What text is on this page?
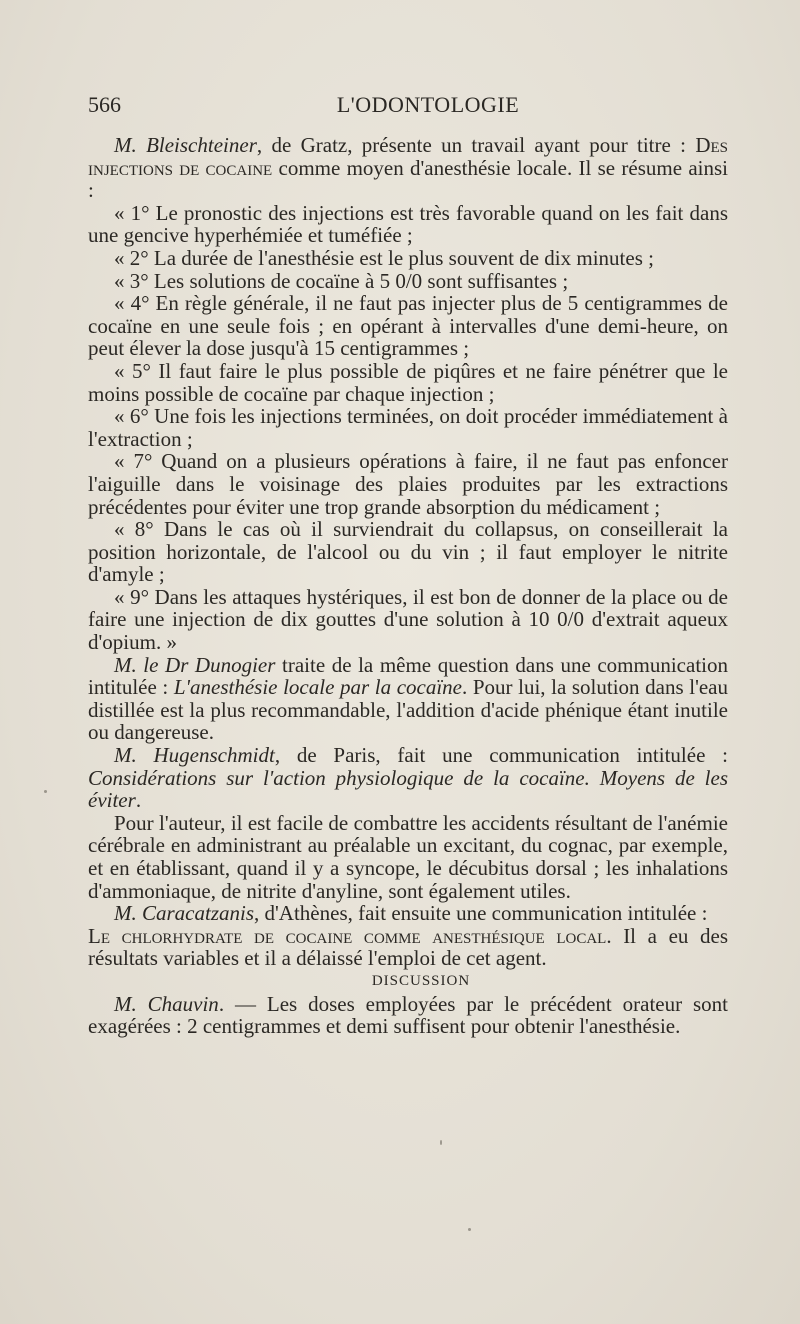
566	L'ODONTOLOGIE

M. Bleischteiner, de Gratz, présente un travail ayant pour titre : Des injections de cocaine comme moyen d'anesthésie locale. Il se résume ainsi :

« 1° Le pronostic des injections est très favorable quand on les fait dans une gencive hyperhémiée et tuméfiée ;

« 2° La durée de l'anesthésie est le plus souvent de dix minutes ;

« 3° Les solutions de cocaïne à 5 0/0 sont suffisantes ;

« 4° En règle générale, il ne faut pas injecter plus de 5 centigrammes de cocaïne en une seule fois ; en opérant à intervalles d'une demi-heure, on peut élever la dose jusqu'à 15 centigrammes ;

« 5° Il faut faire le plus possible de piqûres et ne faire pénétrer que le moins possible de cocaïne par chaque injection ;

« 6° Une fois les injections terminées, on doit procéder immédiatement à l'extraction ;

« 7° Quand on a plusieurs opérations à faire, il ne faut pas enfoncer l'aiguille dans le voisinage des plaies produites par les extractions précédentes pour éviter une trop grande absorption du médicament ;

« 8° Dans le cas où il surviendrait du collapsus, on conseillerait la position horizontale, de l'alcool ou du vin ; il faut employer le nitrite d'amyle ;

« 9° Dans les attaques hystériques, il est bon de donner de la place ou de faire une injection de dix gouttes d'une solution à 10 0/0 d'extrait aqueux d'opium. »

M. le Dr Dunogier traite de la même question dans une communication intitulée : L'anesthésie locale par la cocaïne. Pour lui, la solution dans l'eau distillée est la plus recommandable, l'addition d'acide phénique étant inutile ou dangereuse.

M. Hugenschmidt, de Paris, fait une communication intitulée : Considérations sur l'action physiologique de la cocaïne. Moyens de les éviter.

Pour l'auteur, il est facile de combattre les accidents résultant de l'anémie cérébrale en administrant au préalable un excitant, du cognac, par exemple, et en établissant, quand il y a syncope, le décubitus dorsal ; les inhalations d'ammoniaque, de nitrite d'anyline, sont également utiles.

M. Caracatzanis, d'Athènes, fait ensuite une communication intitulée :

Le chlorhydrate de cocaine comme anesthésique local. Il a eu des résultats variables et il a délaissé l'emploi de cet agent.

DISCUSSION

M. Chauvin. — Les doses employées par le précédent orateur sont exagérées : 2 centigrammes et demi suffisent pour obtenir l'anesthésie.
